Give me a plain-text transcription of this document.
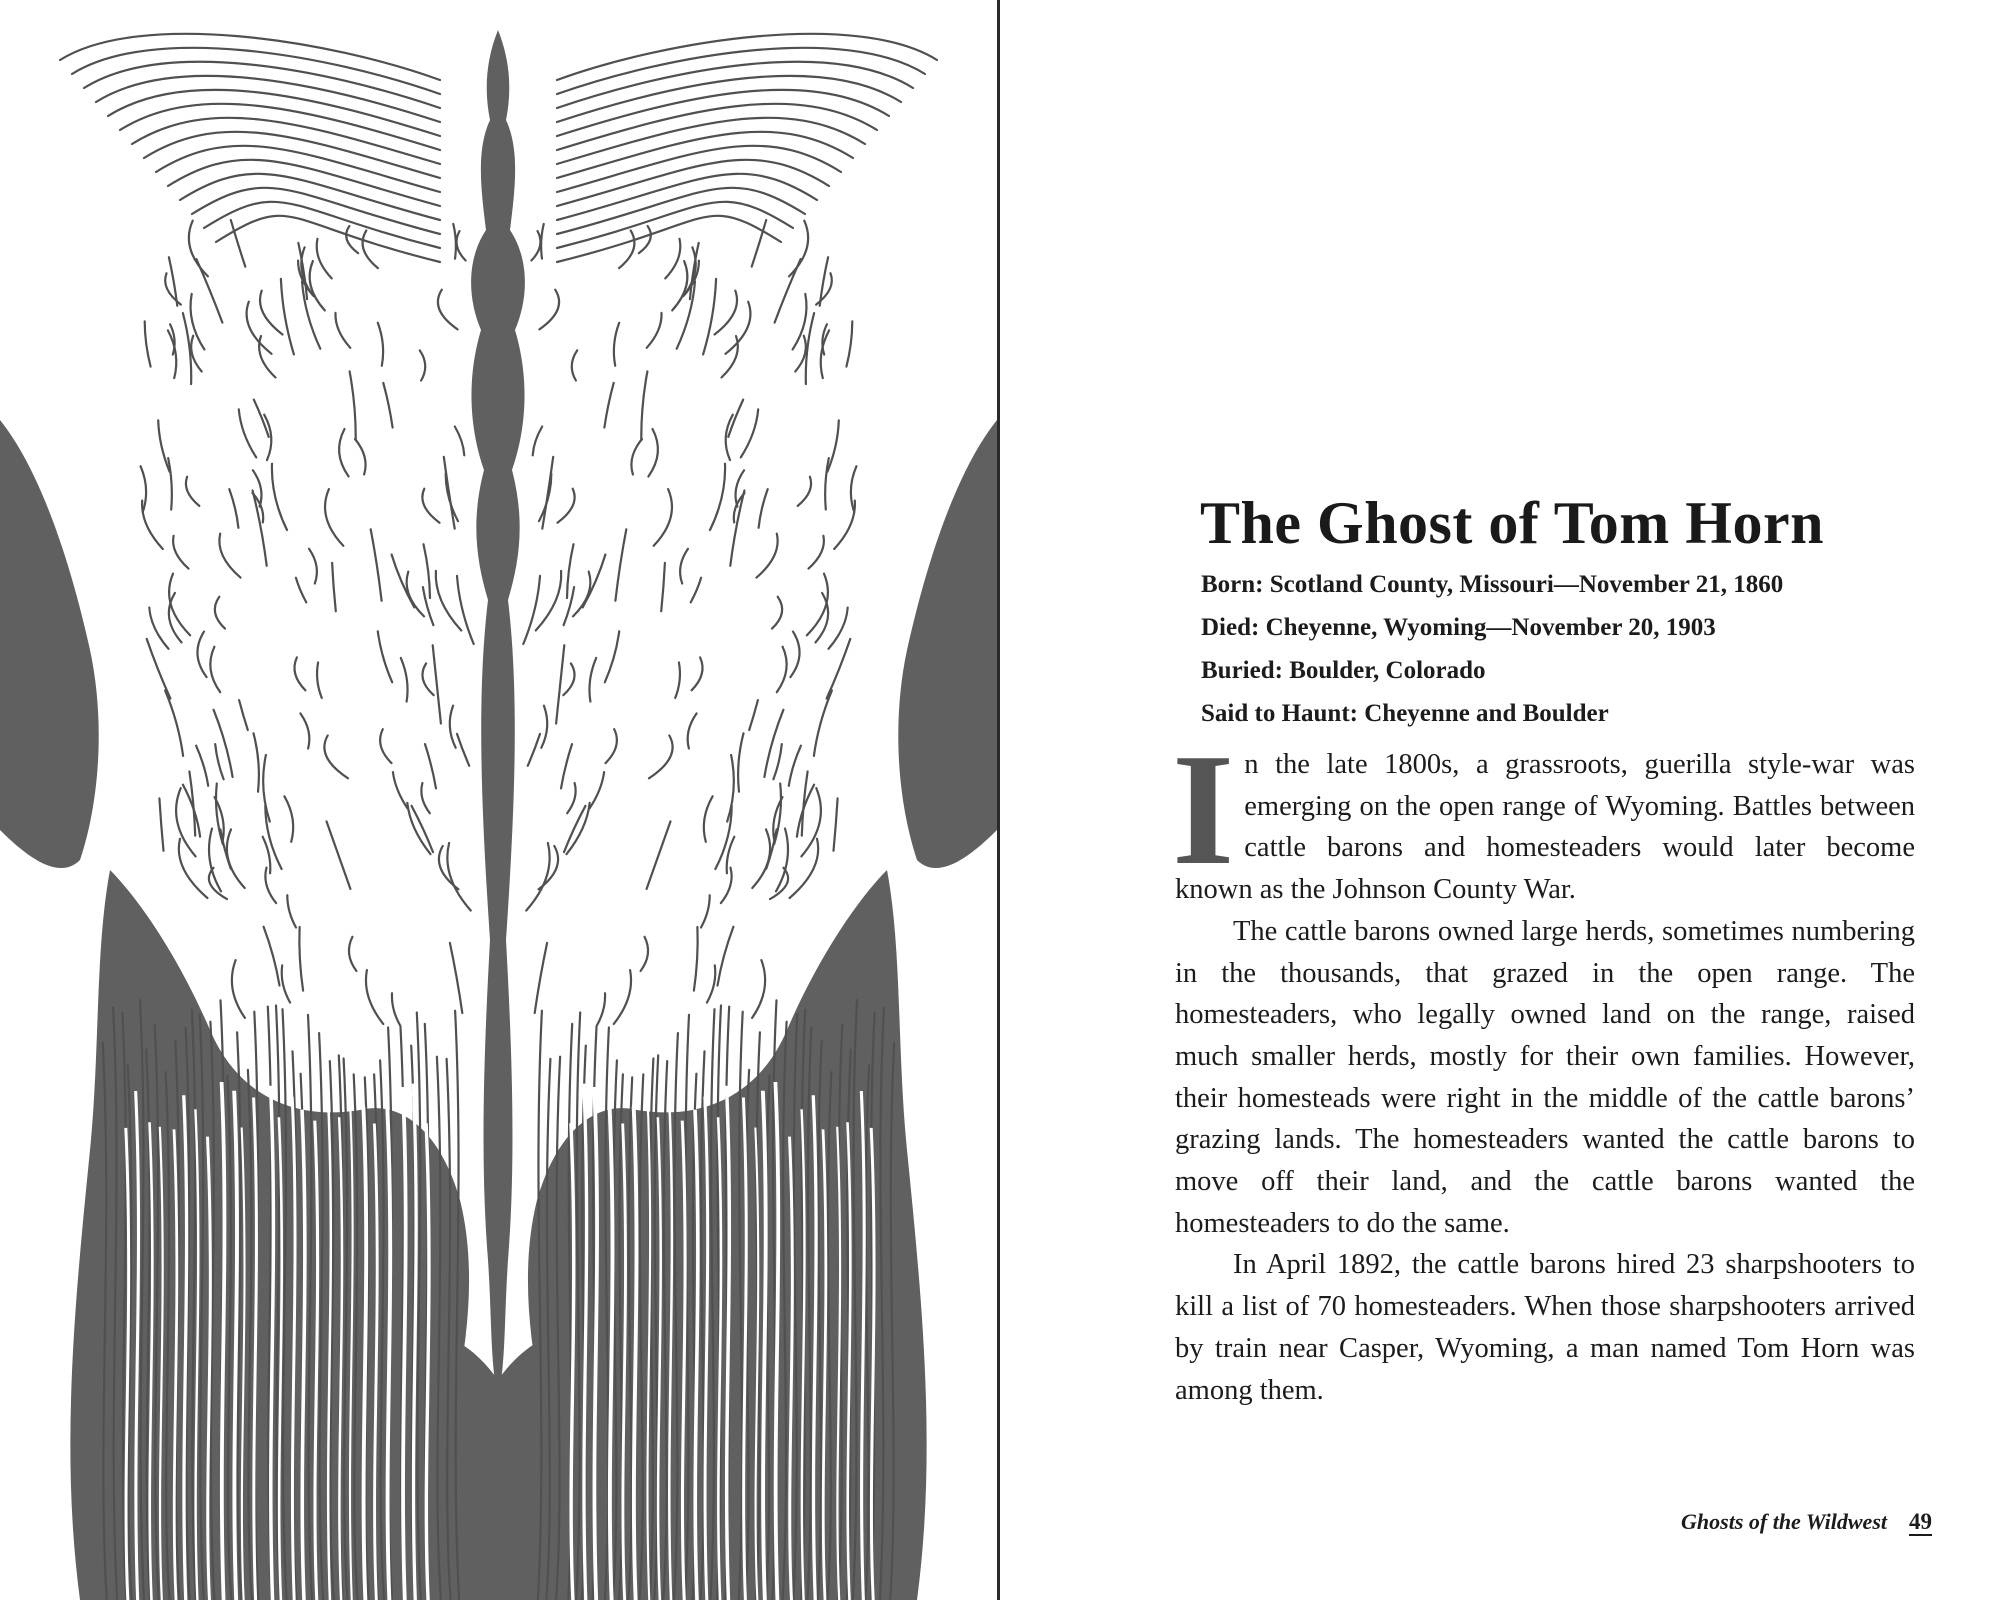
The Ghost of Tom Horn
Born: Scotland County, Missouri—November 21, 1860
Died: Cheyenne, Wyoming—November 20, 1903
Buried: Boulder, Colorado
Said to Haunt: Cheyenne and Boulder

In the late 1800s, a grassroots, guerilla style-war was emerging on the open range of Wyoming. Battles between cattle barons and homesteaders would later become known as the Johnson County War.

The cattle barons owned large herds, sometimes numbering in the thousands, that grazed in the open range. The homesteaders, who legally owned land on the range, raised much smaller herds, mostly for their own families. However, their homesteads were right in the middle of the cattle barons’ grazing lands. The homesteaders wanted the cattle barons to move off their land, and the cattle barons wanted the homesteaders to do the same.

In April 1892, the cattle barons hired 23 sharpshooters to kill a list of 70 homesteaders. When those sharpshooters arrived by train near Casper, Wyoming, a man named Tom Horn was among them.

Ghosts of the Wildwest 49
